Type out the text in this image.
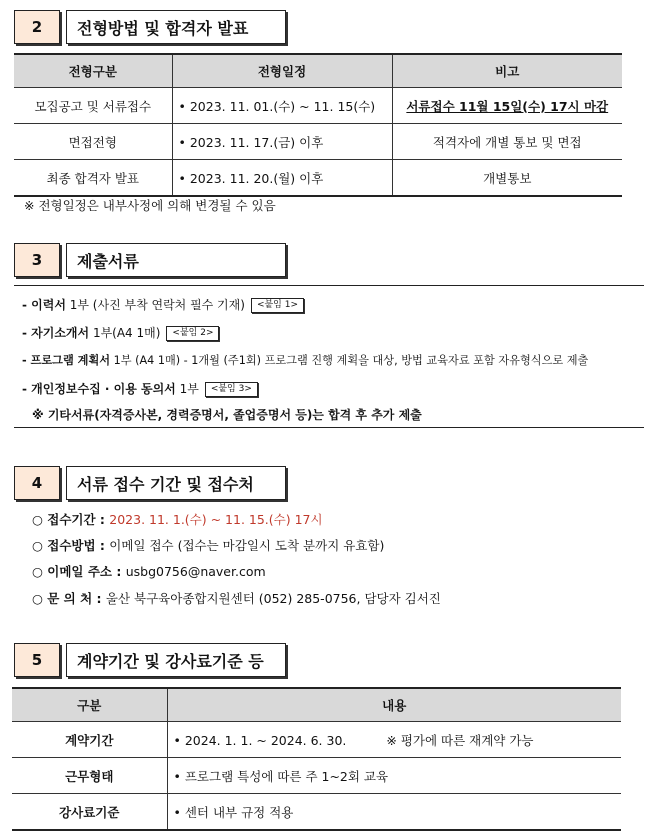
2	전형방법 및 합격자 발표
전형구분	전형일정	비고
모집공고 및 서류접수	• 2023. 11. 01.(수) ~ 11. 15(수)	서류접수 11월 15일(수) 17시 마감
면접전형	• 2023. 11. 17.(금) 이후	적격자에 개별 통보 및 면접
최종 합격자 발표	• 2023. 11. 20.(월) 이후	개별통보
※ 전형일정은 내부사정에 의해 변경될 수 있음
3	제출서류
- 이력서 1부 (사진 부착 연락처 필수 기재) <붙임 1>
- 자기소개서 1부(A4 1매) <붙임 2>
- 프로그램 계획서 1부 (A4 1매) - 1개월 (주1회) 프로그램 진행 계획을 대상, 방법 교육자료 포함 자유형식으로 제출
- 개인정보수집 · 이용 동의서 1부 <붙임 3>
※ 기타서류(자격증사본, 경력증명서, 졸업증명서 등)는 합격 후 추가 제출
4	서류 접수 기간 및 접수처
○ 접수기간 : 2023. 11. 1.(수) ~ 11. 15.(수) 17시
○ 접수방법 : 이메일 접수 (접수는 마감일시 도착 분까지 유효함)
○ 이메일 주소 : usbg0756@naver.com
○ 문 의 처 : 울산 북구육아종합지원센터 (052) 285-0756, 담당자 김서진
5	계약기간 및 강사료기준 등
구분	내용
계약기간	• 2024. 1. 1. ~ 2024. 6. 30. ※ 평가에 따른 재계약 가능
근무형태	• 프로그램 특성에 따른 주 1~2회 교육
강사료기준	• 센터 내부 규정 적용
